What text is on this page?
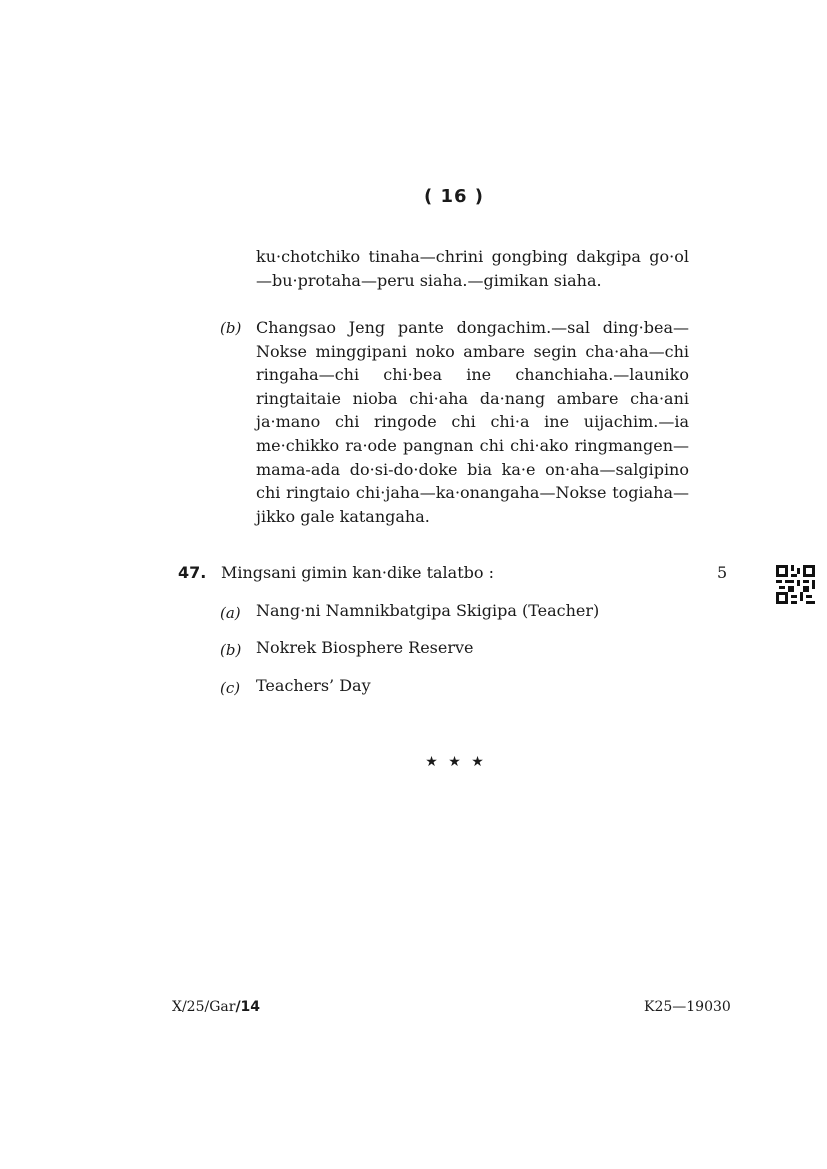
( 16 )
ku·chotchiko tinaha—chrini gongbing dakgipa go·ol—bu·protaha—peru siaha.—gimikan siaha.
(b) Changsao Jeng pante dongachim.—sal ding·bea—Nokse minggipani noko ambare segin cha·aha—chi ringaha—chi chi·bea ine chanchiaha.—launiko ringtaitaie nioba chi·aha da·nang ambare cha·ani ja·mano chi ringode chi chi·a ine uijachim.—ia me·chikko ra·ode pangnan chi chi·ako ringmangen—mama-ada do·si-do·doke bia ka·e on·aha—salgipino chi ringtaio chi·jaha—ka·onangaha—Nokse togiaha—jikko gale katangaha.
47. Mingsani gimin kan·dike talatbo :	5
(a) Nang·ni Namnikbatgipa Skigipa (Teacher)
(b) Nokrek Biosphere Reserve
(c) Teachers’ Day
★ ★ ★
X/25/Gar/14	K25—19030
